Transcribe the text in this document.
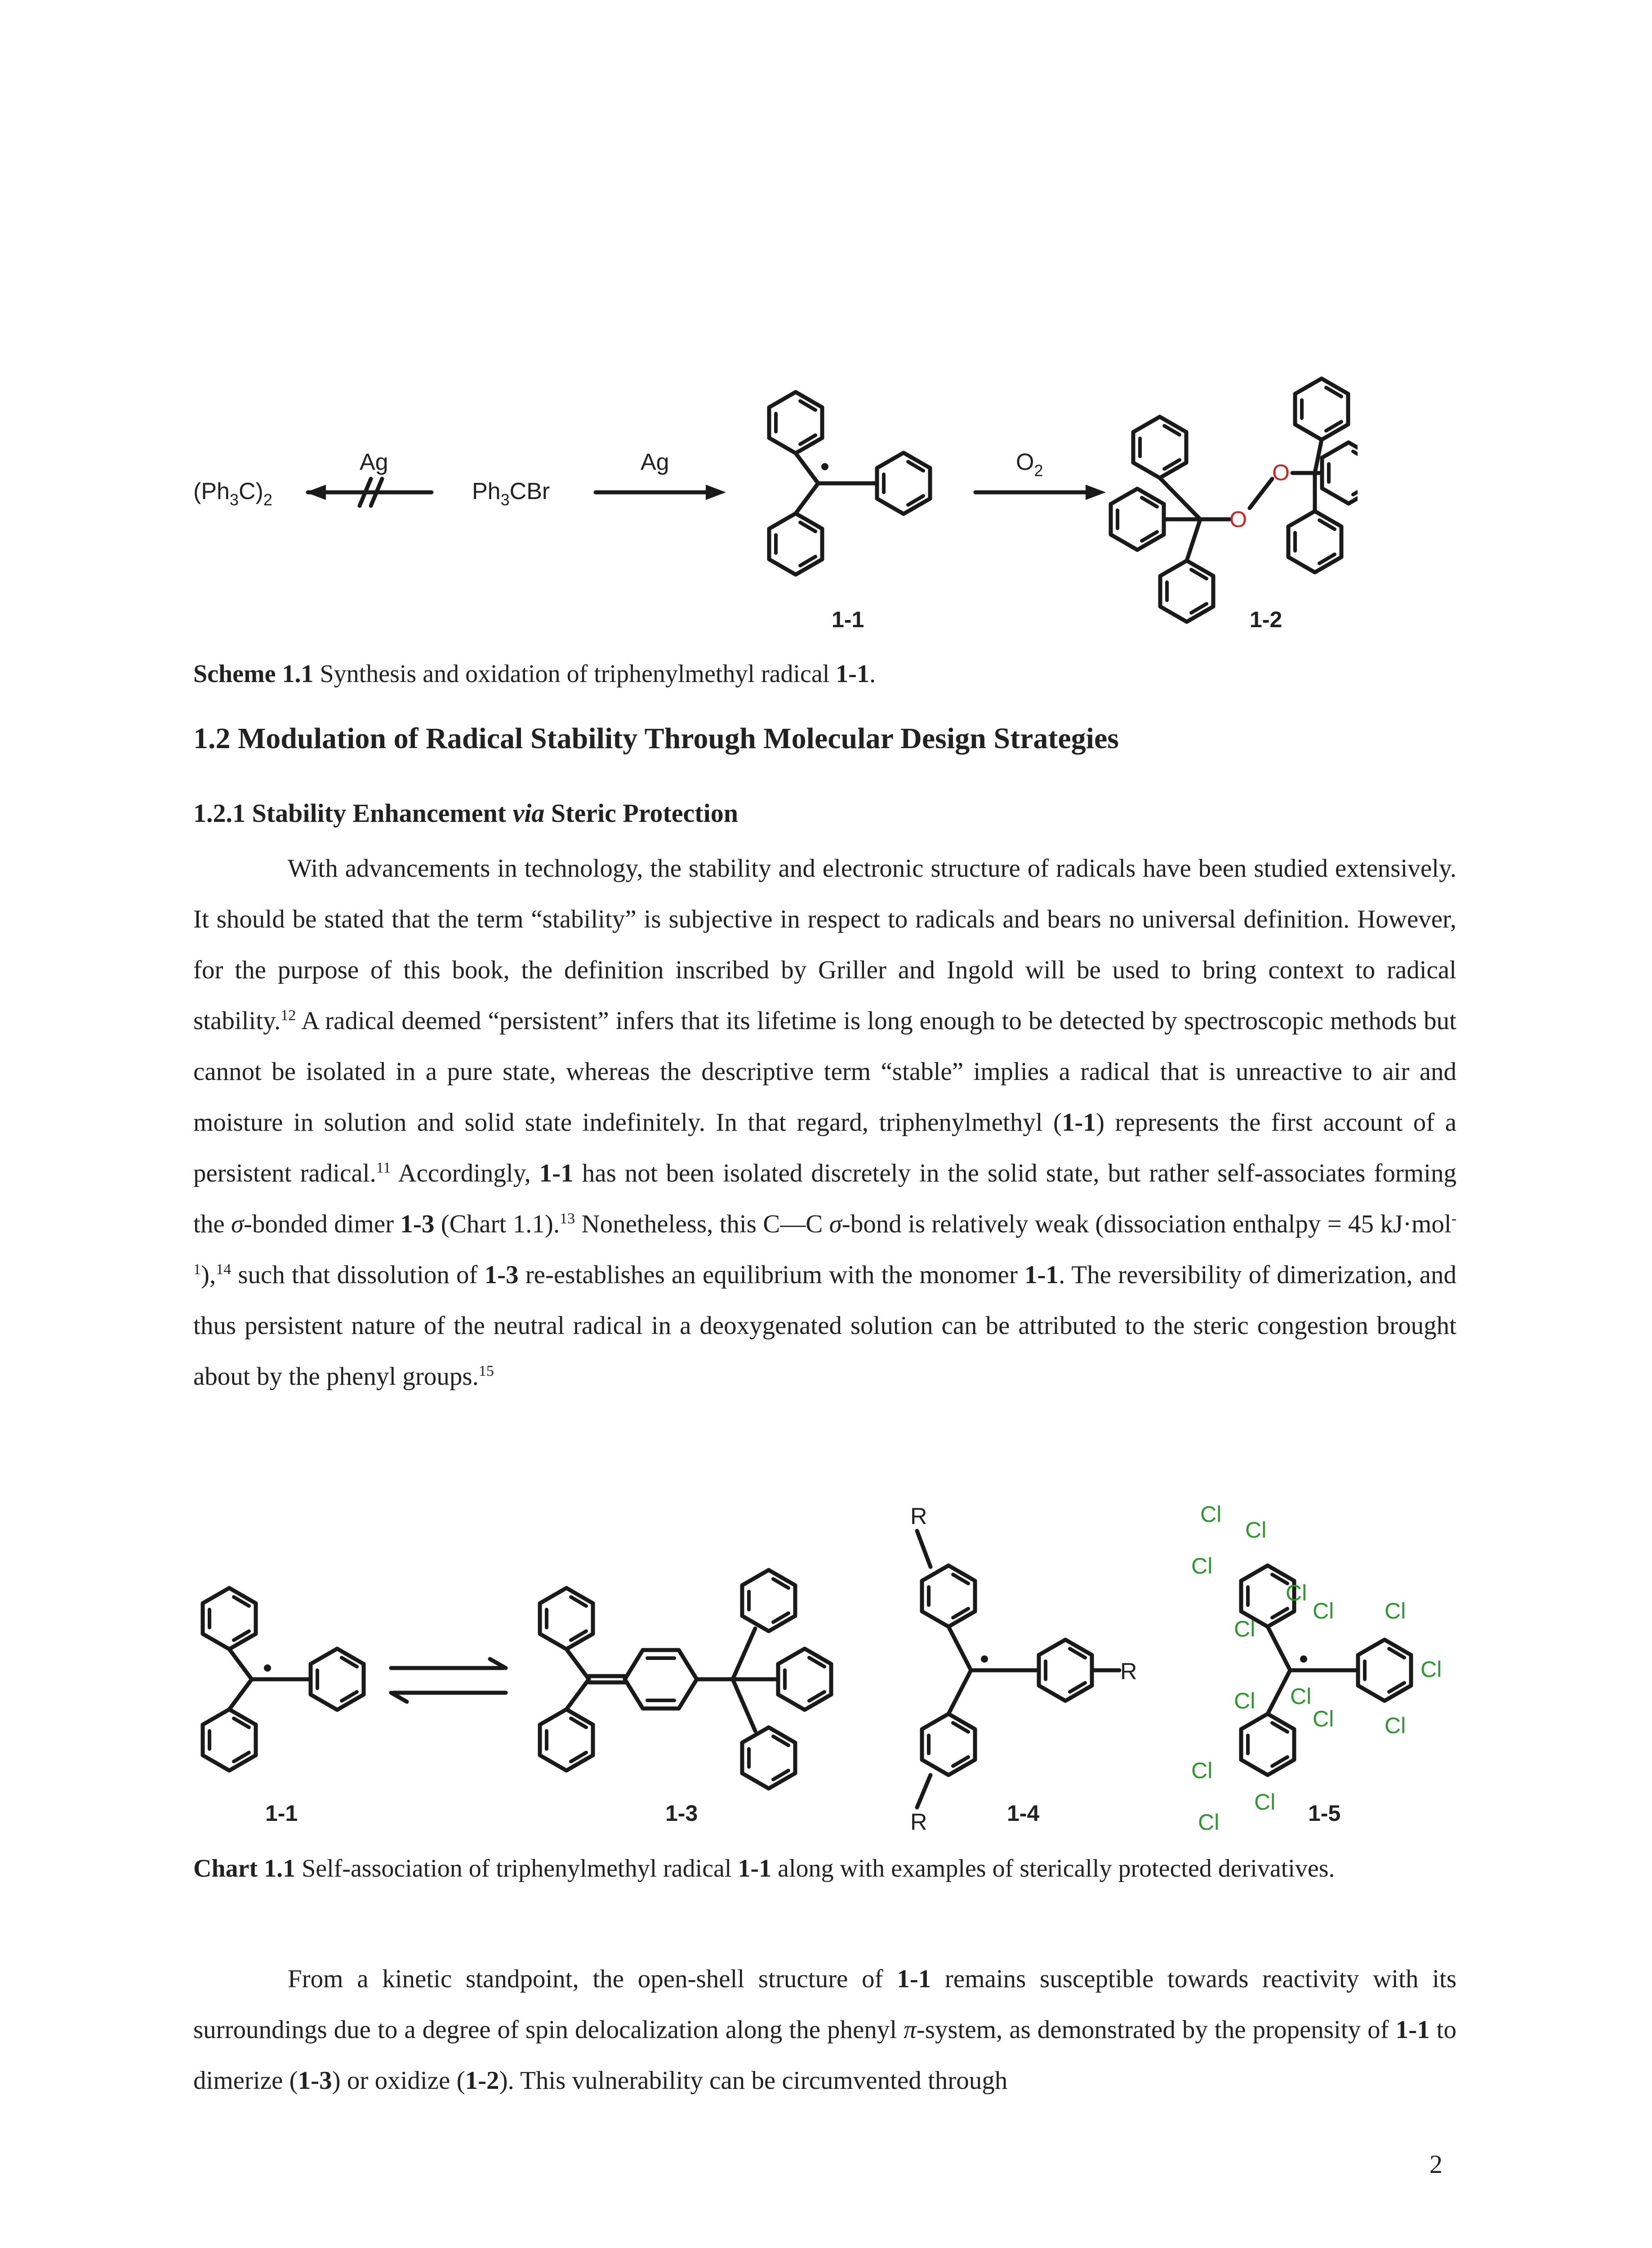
$(Ph_3C)_2$
Ag
$Ph_3CBr$
Ag
1-1
$O_2$
O
O
1-2
Scheme 1.1 Synthesis and oxidation of triphenylmethyl radical 1-1.
1.2 Modulation of Radical Stability Through Molecular Design Strategies
1.2.1 Stability Enhancement via Steric Protection
With advancements in technology, the stability and electronic structure of radicals have been studied extensively. It should be stated that the term “stability” is subjective in respect to radicals and bears no universal definition. However, for the purpose of this book, the definition inscribed by Griller and Ingold will be used to bring context to radical stability.$^{12}$ A radical deemed “persistent” infers that its lifetime is long enough to be detected by spectroscopic methods but cannot be isolated in a pure state, whereas the descriptive term “stable” implies a radical that is unreactive to air and moisture in solution and solid state indefinitely. In that regard, triphenylmethyl (1-1) represents the first account of a persistent radical.$^{11}$ Accordingly, 1-1 has not been isolated discretely in the solid state, but rather self-associates forming the σ-bonded dimer 1-3 (Chart 1.1).$^{13}$ Nonetheless, this C—C σ-bond is relatively weak (dissociation enthalpy = 45 kJ·mol$^{-1}$),$^{14}$ such that dissolution of 1-3 re-establishes an equilibrium with the monomer 1-1. The reversibility of dimerization, and thus persistent nature of the neutral radical in a deoxygenated solution can be attributed to the steric congestion brought about by the phenyl groups.$^{15}$
1-1	1-3
R
R
R	1-4
Cl
Cl
Cl
Cl
Cl
Cl Cl
Cl
Cl
Cl
Cl Cl
Cl
Cl
Cl	1-5
Chart 1.1 Self-association of triphenylmethyl radical 1-1 along with examples of sterically protected derivatives.
From a kinetic standpoint, the open-shell structure of 1-1 remains susceptible towards reactivity with its surroundings due to a degree of spin delocalization along the phenyl π-system, as demonstrated by the propensity of 1-1 to dimerize (1-3) or oxidize (1-2). This vulnerability can be circumvented through
2
